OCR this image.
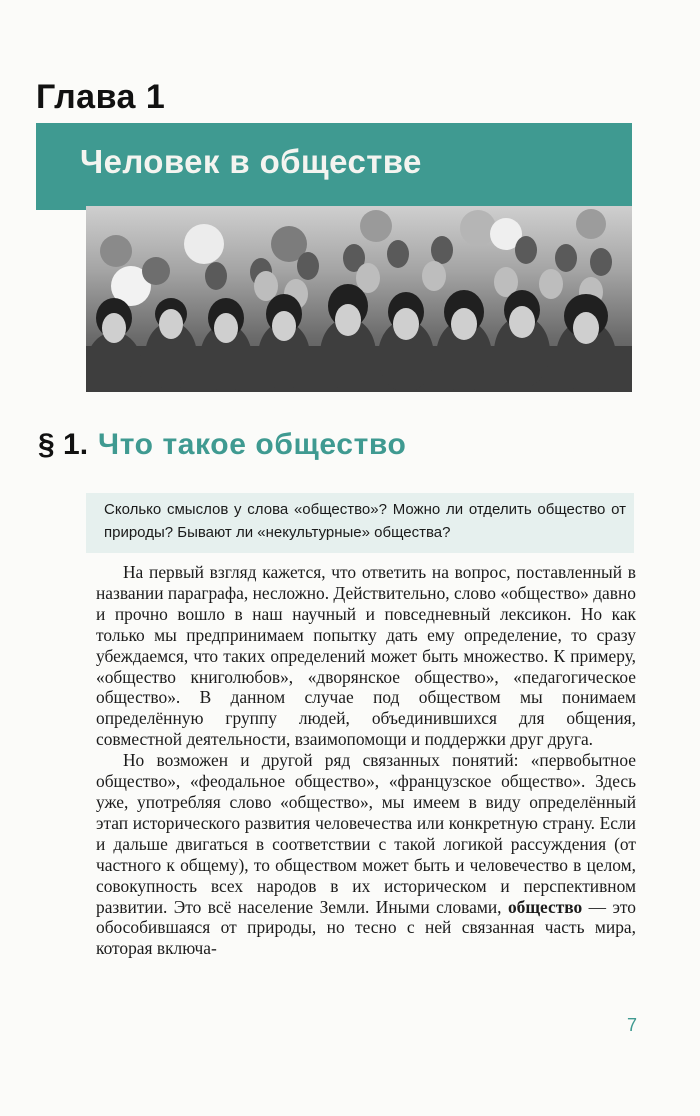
Глава 1
Человек в обществе
§ 1. Что такое общество
Сколько смыслов у слова «общество»? Можно ли отделить общество от природы? Бывают ли «некультурные» общества?

На первый взгляд кажется, что ответить на вопрос, поставленный в названии параграфа, несложно. Действительно, слово «общество» давно и прочно вошло в наш научный и повседневный лексикон. Но как только мы предпринимаем попытку дать ему определение, то сразу убеждаемся, что таких определений может быть множество. К примеру, «общество книголюбов», «дворянское общество», «педагогическое общество». В данном случае под обществом мы понимаем определённую группу людей, объединившихся для общения, совместной деятельности, взаимопомощи и поддержки друг друга.

Но возможен и другой ряд связанных понятий: «первобытное общество», «феодальное общество», «французское общество». Здесь уже, употребляя слово «общество», мы имеем в виду определённый этап исторического развития человечества или конкретную страну. Если и дальше двигаться в соответствии с такой логикой рассуждения (от частного к общему), то обществом может быть и человечество в целом, совокупность всех народов в их историческом и перспективном развитии. Это всё население Земли. Иными словами, общество — это обособившаяся от природы, но тесно с ней связанная часть мира, которая включа-

7
